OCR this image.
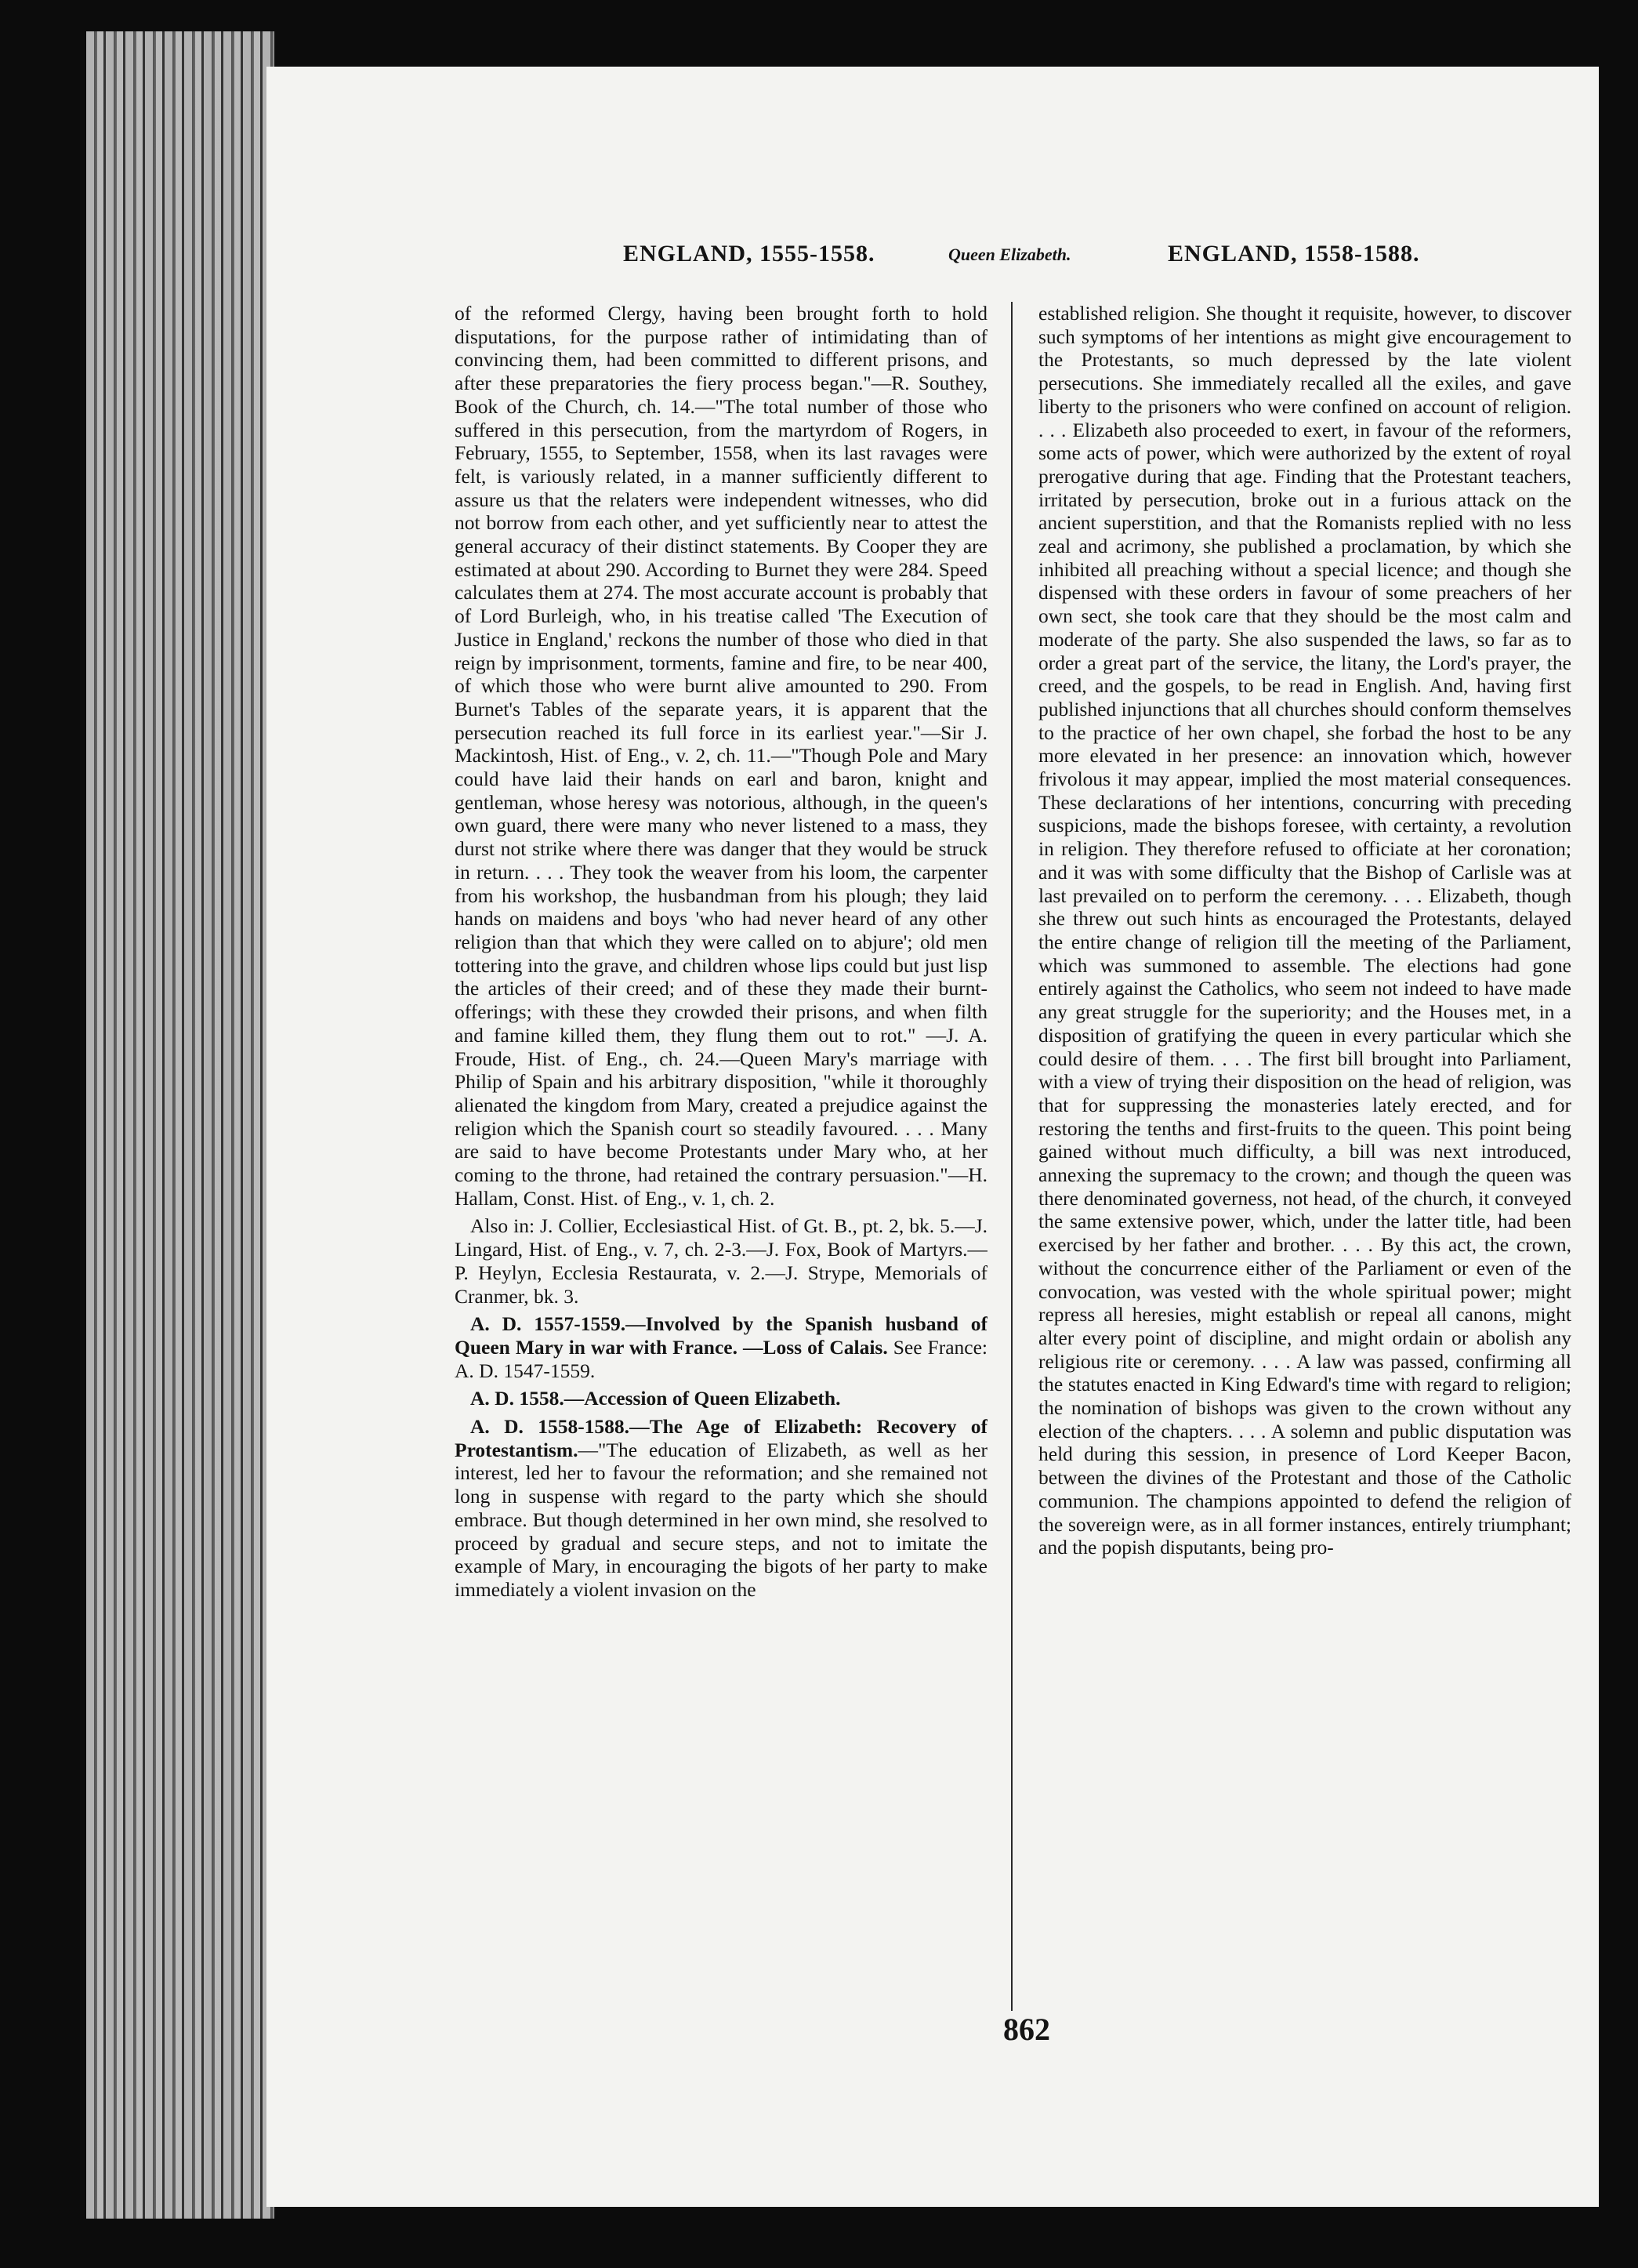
ENGLAND, 1555-1558.	Queen Elizabeth.	ENGLAND, 1558-1588.

of the reformed Clergy, having been brought forth to hold disputations, for the purpose rather of intimidating than of convincing them, had been committed to different prisons, and after these preparatories the fiery process began."—R. Southey, Book of the Church, ch. 14.—"The total number of those who suffered in this persecution, from the martyrdom of Rogers, in February, 1555, to September, 1558, when its last ravages were felt, is variously related, in a manner sufficiently different to assure us that the relaters were independent witnesses, who did not borrow from each other, and yet sufficiently near to attest the general accuracy of their distinct statements. By Cooper they are estimated at about 290. According to Burnet they were 284. Speed calculates them at 274. The most accurate account is probably that of Lord Burleigh, who, in his treatise called 'The Execution of Justice in England,' reckons the number of those who died in that reign by imprisonment, torments, famine and fire, to be near 400, of which those who were burnt alive amounted to 290. From Burnet's Tables of the separate years, it is apparent that the persecution reached its full force in its earliest year."—Sir J. Mackintosh, Hist. of Eng., v. 2, ch. 11.—"Though Pole and Mary could have laid their hands on earl and baron, knight and gentleman, whose heresy was notorious, although, in the queen's own guard, there were many who never listened to a mass, they durst not strike where there was danger that they would be struck in return. . . . They took the weaver from his loom, the carpenter from his workshop, the husbandman from his plough; they laid hands on maidens and boys 'who had never heard of any other religion than that which they were called on to abjure'; old men tottering into the grave, and children whose lips could but just lisp the articles of their creed; and of these they made their burnt-offerings; with these they crowded their prisons, and when filth and famine killed them, they flung them out to rot." —J. A. Froude, Hist. of Eng., ch. 24.—Queen Mary's marriage with Philip of Spain and his arbitrary disposition, "while it thoroughly alienated the kingdom from Mary, created a prejudice against the religion which the Spanish court so steadily favoured. . . . Many are said to have become Protestants under Mary who, at her coming to the throne, had retained the contrary persuasion."—H. Hallam, Const. Hist. of Eng., v. 1, ch. 2.

Also in: J. Collier, Ecclesiastical Hist. of Gt. B., pt. 2, bk. 5.—J. Lingard, Hist. of Eng., v. 7, ch. 2-3.—J. Fox, Book of Martyrs.—P. Heylyn, Ecclesia Restaurata, v. 2.—J. Strype, Memorials of Cranmer, bk. 3.

A. D. 1557-1559.—Involved by the Spanish husband of Queen Mary in war with France. —Loss of Calais. See France: A. D. 1547-1559.

A. D. 1558.—Accession of Queen Elizabeth.

A. D. 1558-1588.—The Age of Elizabeth: Recovery of Protestantism.—"The education of Elizabeth, as well as her interest, led her to favour the reformation; and she remained not long in suspense with regard to the party which she should embrace. But though determined in her own mind, she resolved to proceed by gradual and secure steps, and not to imitate the example of Mary, in encouraging the bigots of her party to make immediately a violent invasion on the

established religion. She thought it requisite, however, to discover such symptoms of her intentions as might give encouragement to the Protestants, so much depressed by the late violent persecutions. She immediately recalled all the exiles, and gave liberty to the prisoners who were confined on account of religion. . . . Elizabeth also proceeded to exert, in favour of the reformers, some acts of power, which were authorized by the extent of royal prerogative during that age. Finding that the Protestant teachers, irritated by persecution, broke out in a furious attack on the ancient superstition, and that the Romanists replied with no less zeal and acrimony, she published a proclamation, by which she inhibited all preaching without a special licence; and though she dispensed with these orders in favour of some preachers of her own sect, she took care that they should be the most calm and moderate of the party. She also suspended the laws, so far as to order a great part of the service, the litany, the Lord's prayer, the creed, and the gospels, to be read in English. And, having first published injunctions that all churches should conform themselves to the practice of her own chapel, she forbad the host to be any more elevated in her presence: an innovation which, however frivolous it may appear, implied the most material consequences. These declarations of her intentions, concurring with preceding suspicions, made the bishops foresee, with certainty, a revolution in religion. They therefore refused to officiate at her coronation; and it was with some difficulty that the Bishop of Carlisle was at last prevailed on to perform the ceremony. . . . Elizabeth, though she threw out such hints as encouraged the Protestants, delayed the entire change of religion till the meeting of the Parliament, which was summoned to assemble. The elections had gone entirely against the Catholics, who seem not indeed to have made any great struggle for the superiority; and the Houses met, in a disposition of gratifying the queen in every particular which she could desire of them. . . . The first bill brought into Parliament, with a view of trying their disposition on the head of religion, was that for suppressing the monasteries lately erected, and for restoring the tenths and first-fruits to the queen. This point being gained without much difficulty, a bill was next introduced, annexing the supremacy to the crown; and though the queen was there denominated governess, not head, of the church, it conveyed the same extensive power, which, under the latter title, had been exercised by her father and brother. . . . By this act, the crown, without the concurrence either of the Parliament or even of the convocation, was vested with the whole spiritual power; might repress all heresies, might establish or repeal all canons, might alter every point of discipline, and might ordain or abolish any religious rite or ceremony. . . . A law was passed, confirming all the statutes enacted in King Edward's time with regard to religion; the nomination of bishops was given to the crown without any election of the chapters. . . . A solemn and public disputation was held during this session, in presence of Lord Keeper Bacon, between the divines of the Protestant and those of the Catholic communion. The champions appointed to defend the religion of the sovereign were, as in all former instances, entirely triumphant; and the popish disputants, being pro-

862
